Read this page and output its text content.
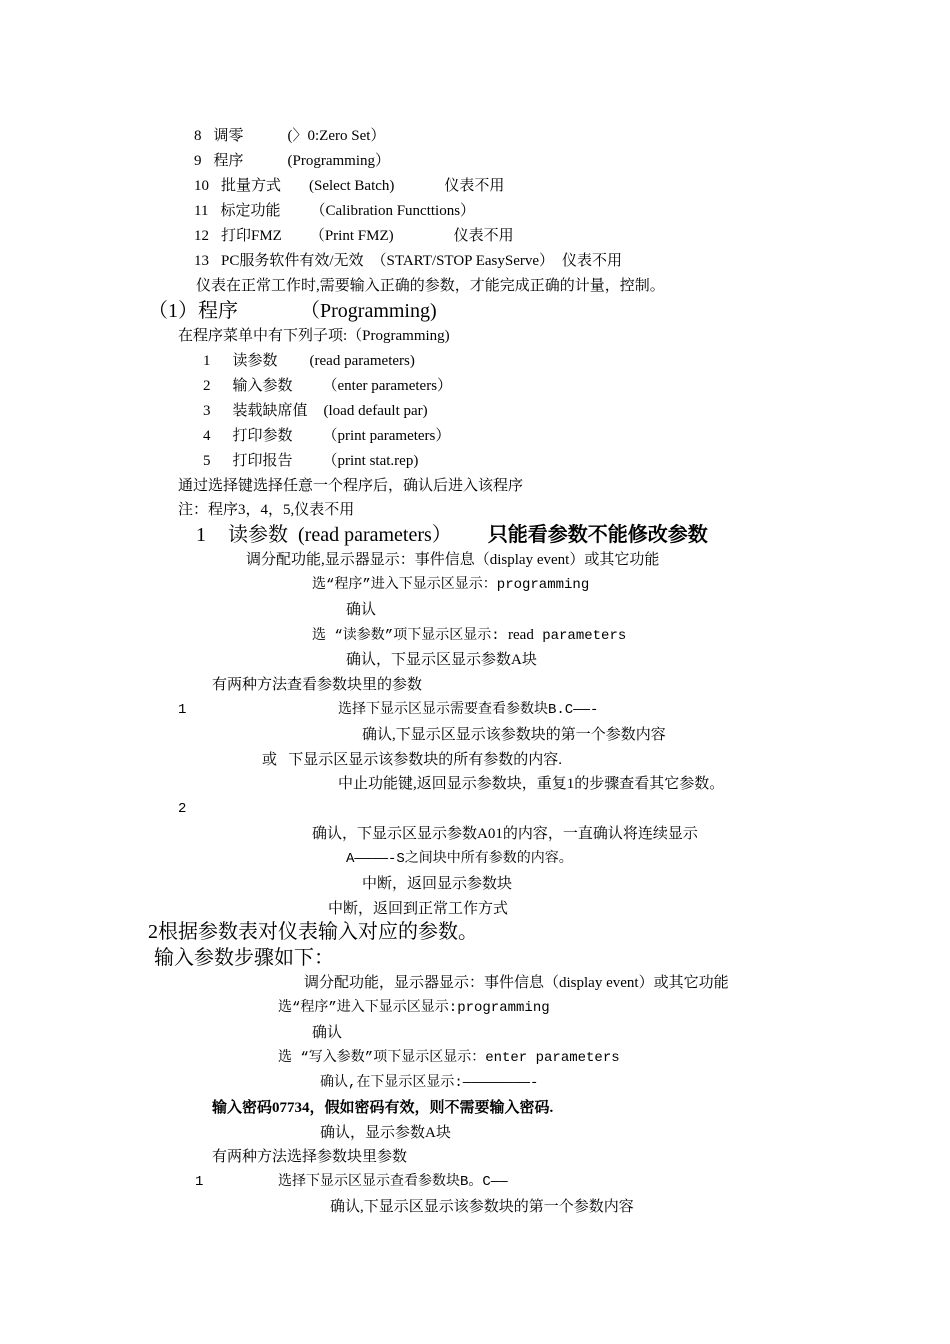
8 调零	(〉0:Zero Set）
9 程序	(Programming）
10 批量方式 (Select Batch)	仪表不用
11 标定功能 （Calibration Functtions）
12 打印FMZ （Print FMZ)	仪表不用
13 PC服务软件有效/无效 （START/STOP EasyServe） 仪表不用
仪表在正常工作时,需要输入正确的参数，才能完成正确的计量，控制。
（1）程序	（Programming)
在程序菜单中有下列子项:（Programming)
1 读参数 (read parameters)
2 输入参数 （enter parameters）
3 装载缺席值 (load default par)
4 打印参数 （print parameters）
5 打印报告 （print stat.rep)
通过选择键选择任意一个程序后，确认后进入该程序
注：程序3，4，5,仪表不用
1 读参数 (read parameters） 只能看参数不能修改参数
调分配功能,显示器显示：事件信息（display event）或其它功能
选“程序”进入下显示区显示：programming
确认
选 “读参数”项下显示区显示: read parameters
确认，下显示区显示参数A块
有两种方法查看参数块里的参数
1	选择下显示区显示需要查看参数块B.C——-
确认,下显示区显示该参数块的第一个参数内容
或   下显示区显示该参数块的所有参数的内容.
中止功能键,返回显示参数块，重复1的步骤查看其它参数。
2
确认，下显示区显示参数A01的内容，一直确认将连续显示
A————-S之间块中所有参数的内容。
中断，返回显示参数块
中断，返回到正常工作方式
2根据参数表对仪表输入对应的参数。
输入参数步骤如下：
调分配功能，显示器显示：事件信息（display event）或其它功能
选“程序”进入下显示区显示:programming
确认
选 “写入参数”项下显示区显示：enter parameters
确认,在下显示区显示:————————-
输入密码07734，假如密码有效，则不需要输入密码.
确认，显示参数A块
有两种方法选择参数块里参数
1	选择下显示区显示查看参数块B。C——
确认,下显示区显示该参数块的第一个参数内容
